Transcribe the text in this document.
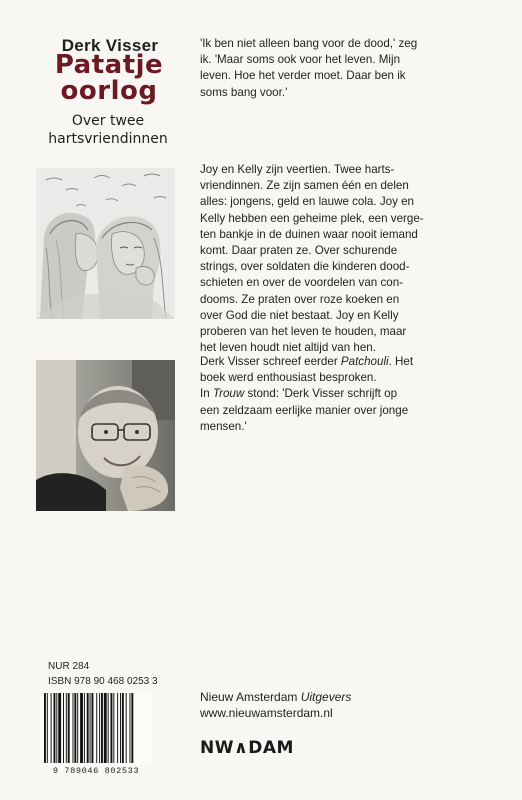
Derk Visser
Patatje
oorlog
Over twee
hartsvriendinnen
'Ik ben niet alleen bang voor de dood,' zeg
ik. 'Maar soms ook voor het leven. Mijn
leven. Hoe het verder moet. Daar ben ik
soms bang voor.'
Joy en Kelly zijn veertien. Twee harts-
vriendinnen. Ze zijn samen één en delen
alles: jongens, geld en lauwe cola. Joy en
Kelly hebben een geheime plek, een verge-
ten bankje in de duinen waar nooit iemand
komt. Daar praten ze. Over schurende
strings, over soldaten die kinderen dood-
schieten en over de voordelen van con-
dooms. Ze praten over roze koeken en
over God die niet bestaat. Joy en Kelly
proberen van het leven te houden, maar
het leven houdt niet altijd van hen.
Derk Visser schreef eerder Patchouli. Het
boek werd enthousiast besproken.
In Trouw stond: 'Derk Visser schrijft op
een zeldzaam eerlijke manier over jonge
mensen.'
NUR 284
ISBN 978 90 468 0253 3
9 789046 802533
Nieuw Amsterdam Uitgevers
www.nieuwamsterdam.nl
NW∧DAM
